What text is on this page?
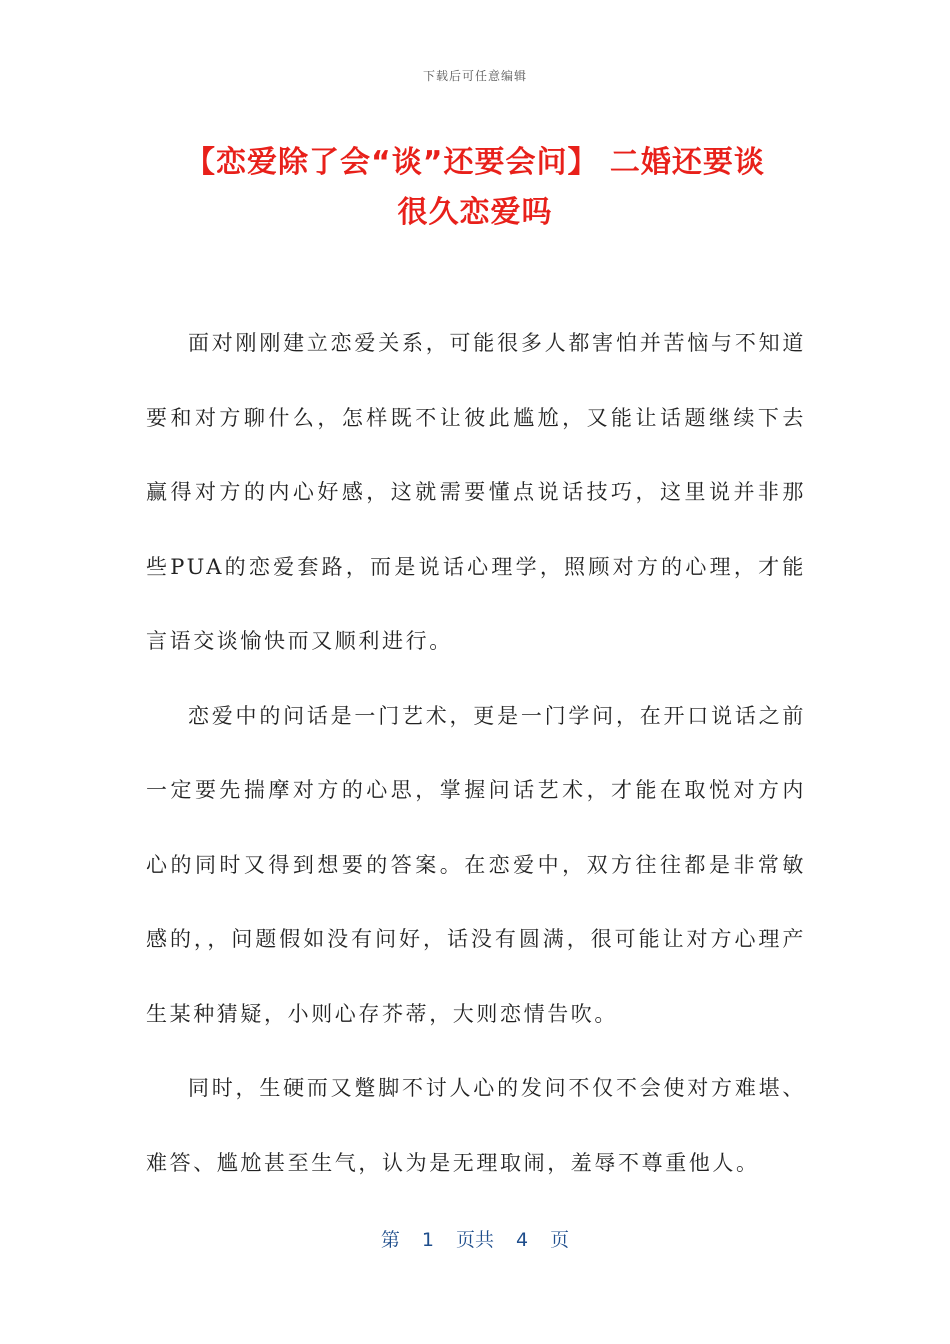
下载后可任意编辑
【恋爱除了会“谈”还要会问】 二婚还要谈
很久恋爱吗

面对刚刚建立恋爱关系，可能很多人都害怕并苦恼与不知道要和对方聊什么，怎样既不让彼此尴尬，又能让话题继续下去赢得对方的内心好感，这就需要懂点说话技巧，这里说并非那些PUA的恋爱套路，而是说话心理学，照顾对方的心理，才能言语交谈愉快而又顺利进行。

恋爱中的问话是一门艺术，更是一门学问，在开口说话之前一定要先揣摩对方的心思，掌握问话艺术，才能在取悦对方内心的同时又得到想要的答案。在恋爱中，双方往往都是非常敏感的，，问题假如没有问好，话没有圆满，很可能让对方心理产生某种猜疑，小则心存芥蒂，大则恋情告吹。

同时，生硬而又蹩脚不讨人心的发问不仅不会使对方难堪、难答、尴尬甚至生气，认为是无理取闹，羞辱不尊重他人。

第 1 页共 4 页
